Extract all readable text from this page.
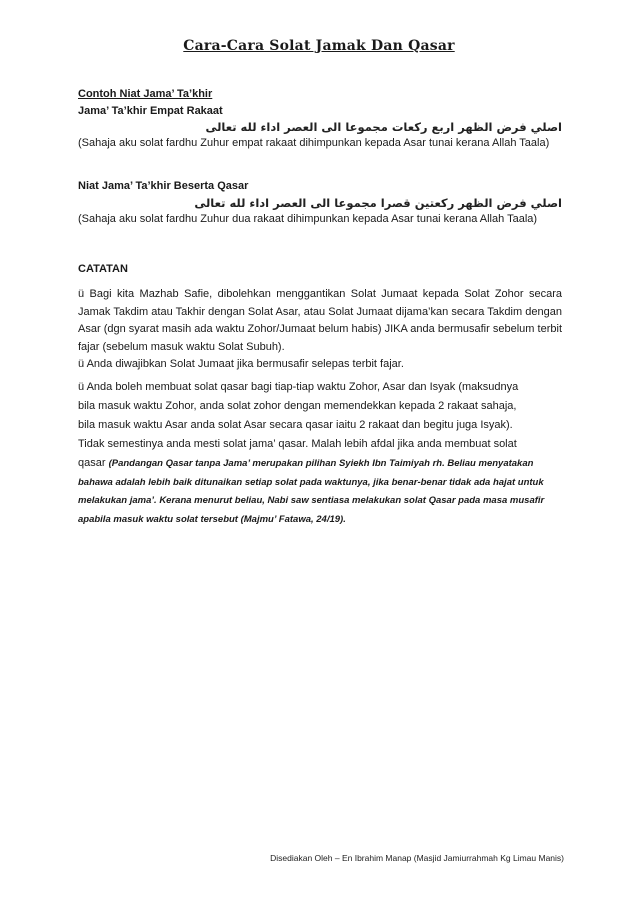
Cara-Cara Solat Jamak Dan Qasar
Contoh Niat Jama’ Ta’khir
Jama’ Ta’khir Empat Rakaat
اصلي فرض الظهر اربع ركعات مجموعا الى العصر اداء لله تعالى
(Sahaja aku solat fardhu Zuhur empat rakaat dihimpunkan kepada Asar tunai kerana Allah Taala)
Niat Jama’ Ta’khir Beserta Qasar
اصلي فرض الظهر ركعتين قصرا مجموعا الى العصر اداء لله تعالى
(Sahaja aku solat fardhu Zuhur dua rakaat dihimpunkan kepada Asar tunai kerana Allah Taala)
CATATAN
ü Bagi kita Mazhab Safie, dibolehkan menggantikan Solat Jumaat kepada Solat Zohor secara Jamak Takdim atau Takhir dengan Solat Asar, atau Solat Jumaat dijama’kan secara Takdim dengan Asar (dgn syarat masih ada waktu Zohor/Jumaat belum habis) JIKA anda bermusafir sebelum terbit fajar (sebelum masuk waktu Solat Subuh).
ü Anda diwajibkan Solat Jumaat jika bermusafir selepas terbit fajar.
ü Anda boleh membuat solat qasar bagi tiap-tiap waktu Zohor, Asar dan Isyak (maksudnya
bila masuk waktu Zohor, anda solat zohor dengan memendekkan kepada 2 rakaat sahaja,
bila masuk waktu Asar anda solat Asar secara qasar iaitu 2 rakaat dan begitu juga Isyak).
Tidak semestinya anda mesti solat jama’ qasar. Malah lebih afdal jika anda membuat solat
qasar (Pandangan Qasar tanpa Jama’ merupakan pilihan Syiekh Ibn Taimiyah rh. Beliau menyatakan
bahawa adalah lebih baik ditunaikan setiap solat pada waktunya, jika benar-benar tidak ada hajat untuk
melakukan jama’. Kerana menurut beliau, Nabi saw sentiasa melakukan solat Qasar pada masa musafir
apabila masuk waktu solat tersebut (Majmu’ Fatawa, 24/19).
Disediakan Oleh – En Ibrahim Manap (Masjid Jamiurrahmah Kg Limau Manis)
